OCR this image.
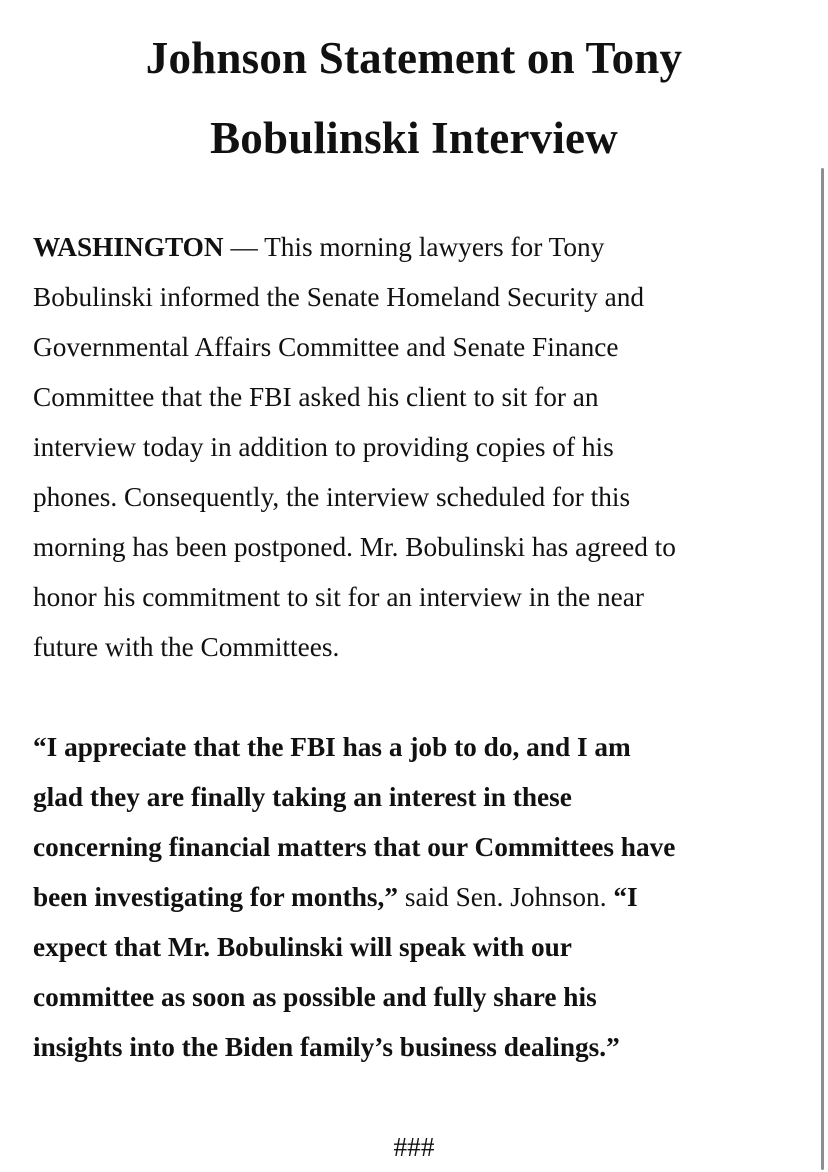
Johnson Statement on Tony
Bobulinski Interview

WASHINGTON — This morning lawyers for Tony
Bobulinski informed the Senate Homeland Security and
Governmental Affairs Committee and Senate Finance
Committee that the FBI asked his client to sit for an
interview today in addition to providing copies of his
phones. Consequently, the interview scheduled for this
morning has been postponed. Mr. Bobulinski has agreed to
honor his commitment to sit for an interview in the near
future with the Committees.

“I appreciate that the FBI has a job to do, and I am
glad they are finally taking an interest in these
concerning financial matters that our Committees have
been investigating for months,” said Sen. Johnson. “I
expect that Mr. Bobulinski will speak with our
committee as soon as possible and fully share his
insights into the Biden family’s business dealings.”

###
